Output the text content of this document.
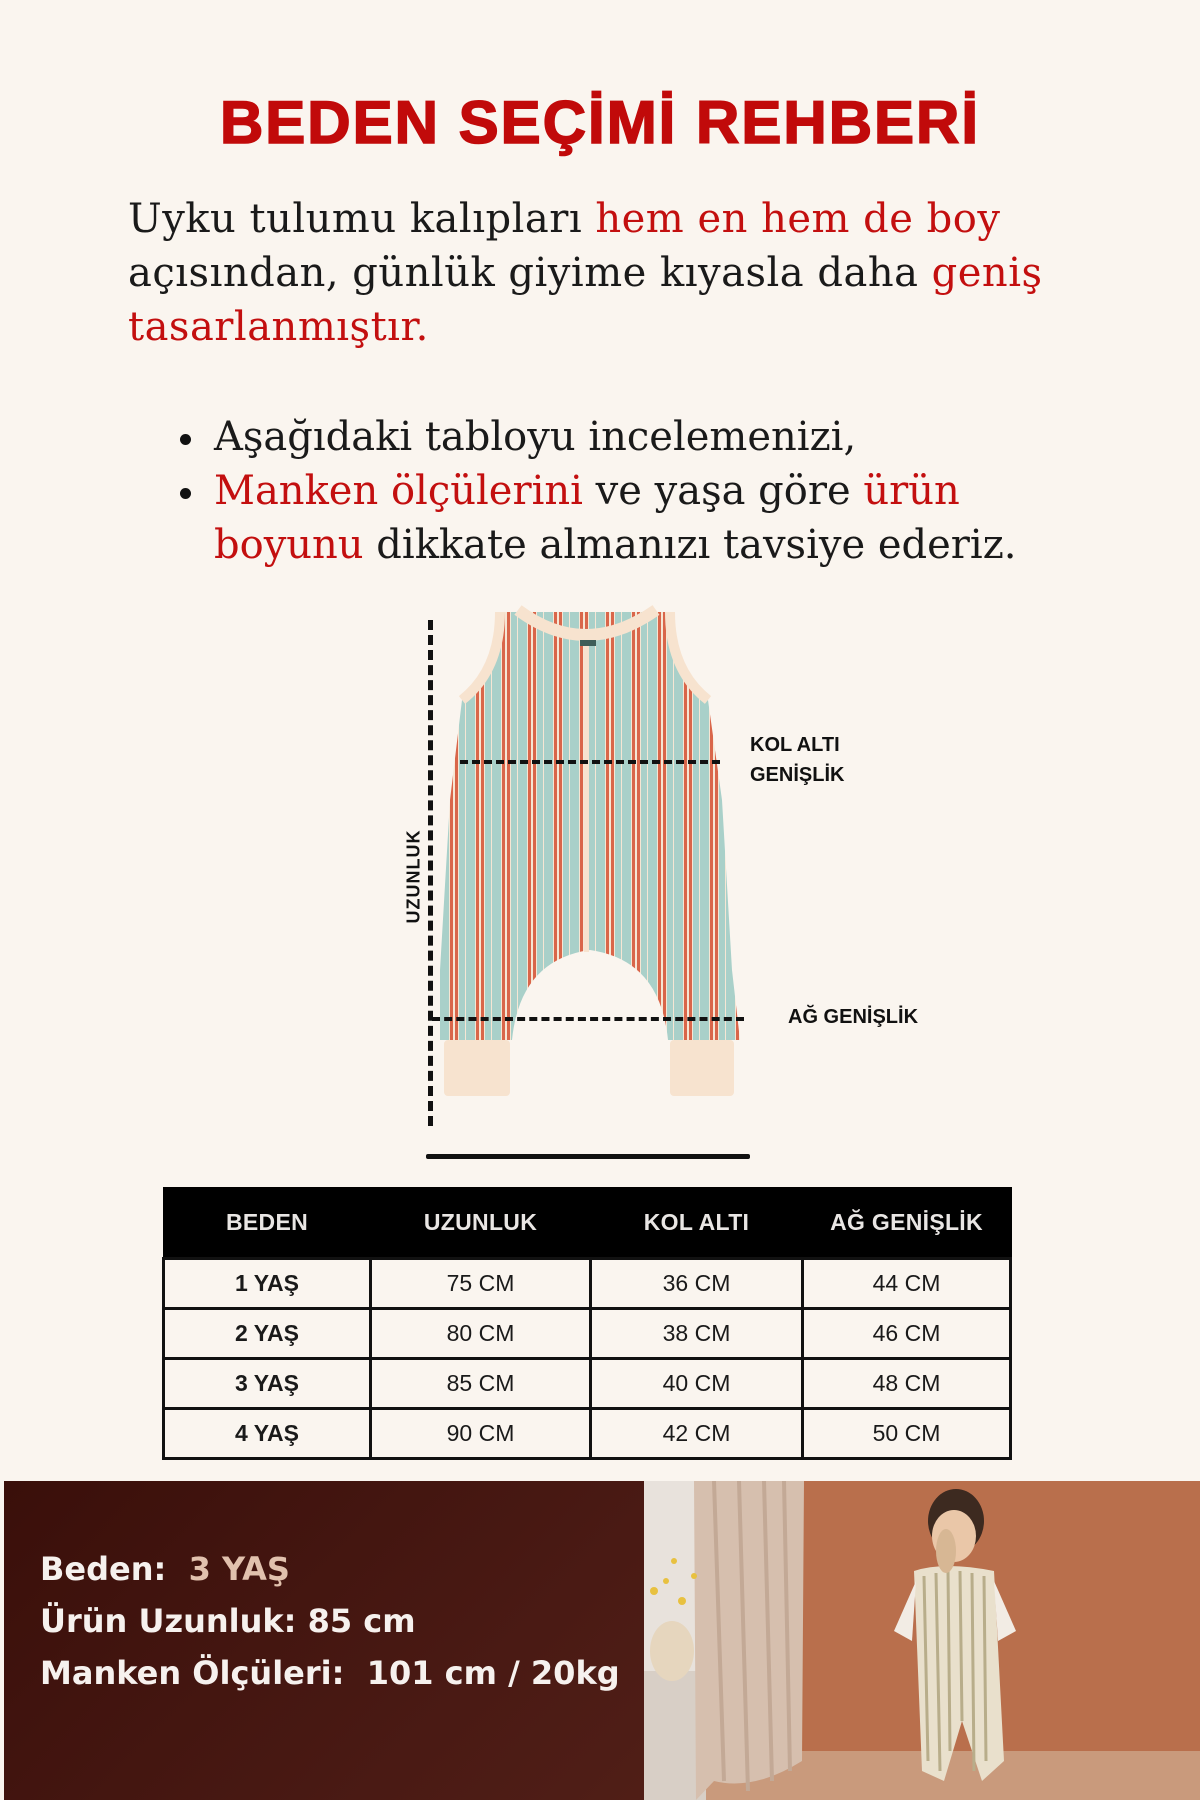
BEDEN SEÇİMİ REHBERİ

Uyku tulumu kalıpları hem en hem de boy açısından, günlük giyime kıyasla daha geniş tasarlanmıştır.

Aşağıdaki tabloyu incelemenizi,
Manken ölçülerini ve yaşa göre ürün boyunu dikkate almanızı tavsiye ederiz.
UZUNLUK
KOL ALTI
GENİŞLİK
AĞ GENİŞLİK
BEDEN	UZUNLUK	KOL ALTI	AĞ GENİŞLİK
1 YAŞ	75 CM	36 CM	44 CM
2 YAŞ	80 CM	38 CM	46 CM
3 YAŞ	85 CM	40 CM	48 CM
4 YAŞ	90 CM	42 CM	50 CM
Beden: 3 YAŞ
Ürün Uzunluk: 85 cm
Manken Ölçüleri: 101 cm / 20kg
